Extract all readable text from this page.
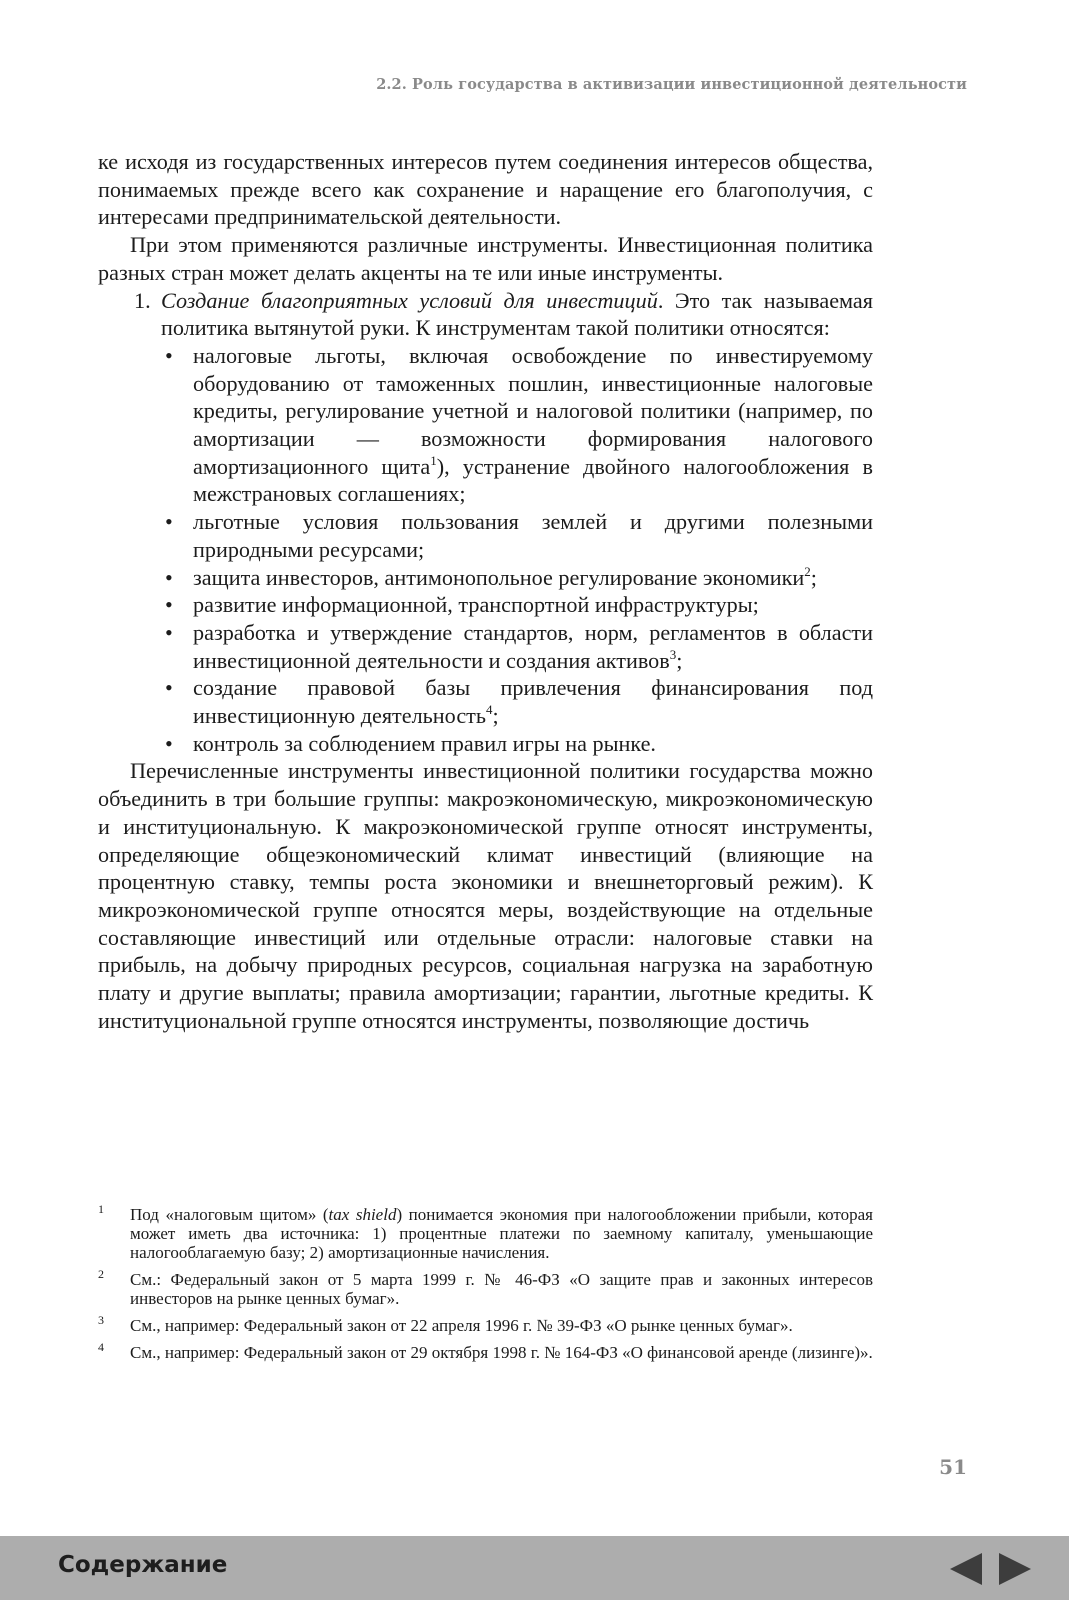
2.2. Роль государства в активизации инвестиционной деятельности

ке исходя из государственных интересов путем соединения интересов общества, понимаемых прежде всего как сохранение и наращение его благополучия, с интересами предпринимательской деятельности.

При этом применяются различные инструменты. Инвестиционная политика разных стран может делать акценты на те или иные инструменты.

1. Создание благоприятных условий для инвестиций. Это так называемая политика вытянутой руки. К инструментам такой политики относятся:
• налоговые льготы, включая освобождение по инвестируемому оборудованию от таможенных пошлин, инвестиционные налоговые кредиты, регулирование учетной и налоговой политики (например, по амортизации — возможности формирования налогового амортизационного щита$^1$), устранение двойного налогообложения в межстрановых соглашениях;
• льготные условия пользования землей и другими полезными природными ресурсами;
• защита инвесторов, антимонопольное регулирование экономики$^2$;
• развитие информационной, транспортной инфраструктуры;
• разработка и утверждение стандартов, норм, регламентов в области инвестиционной деятельности и создания активов$^3$;
• создание правовой базы привлечения финансирования под инвестиционную деятельность$^4$;
• контроль за соблюдением правил игры на рынке.

Перечисленные инструменты инвестиционной политики государства можно объединить в три большие группы: макроэкономическую, микроэкономическую и институциональную. К макроэкономической группе относят инструменты, определяющие общеэкономический климат инвестиций (влияющие на процентную ставку, темпы роста экономики и внешнеторговый режим). К микроэкономической группе относятся меры, воздействующие на отдельные составляющие инвестиций или отдельные отрасли: налоговые ставки на прибыль, на добычу природных ресурсов, социальная нагрузка на заработную плату и другие выплаты; правила амортизации; гарантии, льготные кредиты. К институциональной группе относятся инструменты, позволяющие достичь

1 Под «налоговым щитом» (tax shield) понимается экономия при налогообложении прибыли, которая может иметь два источника: 1) процентные платежи по заемному капиталу, уменьшающие налогооблагаемую базу; 2) амортизационные начисления.
2 См.: Федеральный закон от 5 марта 1999 г. № 46-ФЗ «О защите прав и законных интересов инвесторов на рынке ценных бумаг».
3 См., например: Федеральный закон от 22 апреля 1996 г. № 39-ФЗ «О рынке ценных бумаг».
4 См., например: Федеральный закон от 29 октября 1998 г. № 164-ФЗ «О финансовой аренде (лизинге)».
51
Содержание
